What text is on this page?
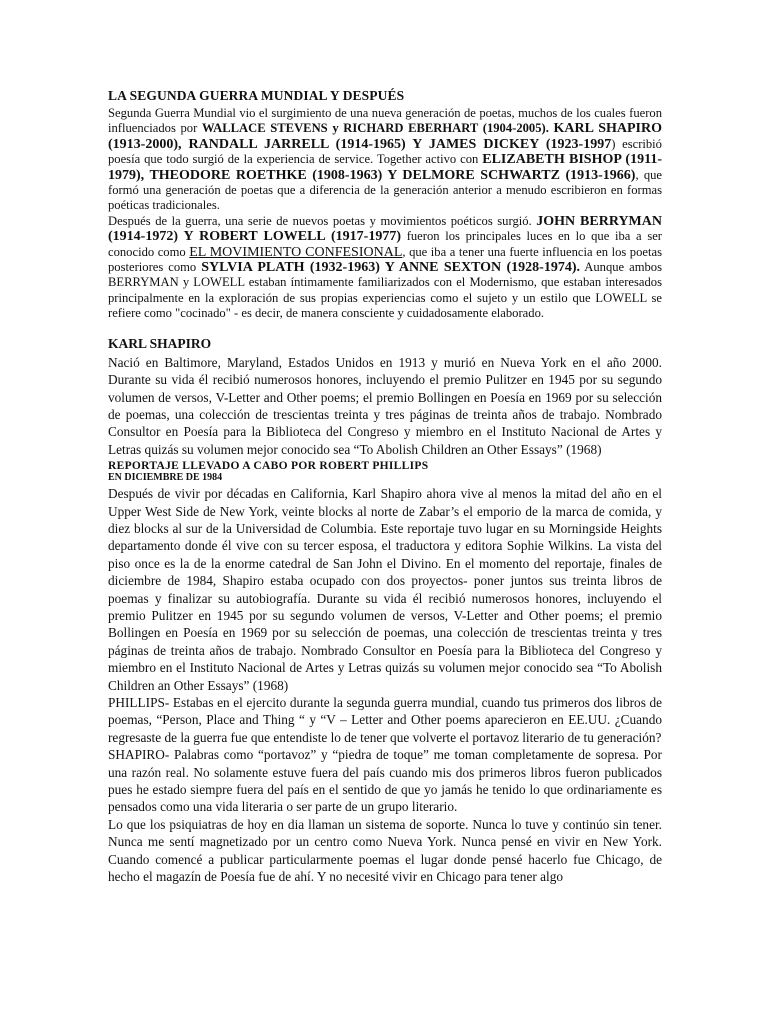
LA SEGUNDA GUERRA MUNDIAL Y DESPUÉS

Segunda Guerra Mundial vio el surgimiento de una nueva generación de poetas, muchos de los cuales fueron influenciados por WALLACE STEVENS y RICHARD EBERHART (1904-2005). KARL SHAPIRO (1913-2000), RANDALL JARRELL (1914-1965) Y JAMES DICKEY (1923-1997) escribió poesía que todo surgió de la experiencia de service. Together activo con ELIZABETH BISHOP (1911-1979), THEODORE ROETHKE (1908-1963) Y DELMORE SCHWARTZ (1913-1966), que formó una generación de poetas que a diferencia de la generación anterior a menudo escribieron en formas poéticas tradicionales.

Después de la guerra, una serie de nuevos poetas y movimientos poéticos surgió. JOHN BERRYMAN (1914-1972) Y ROBERT LOWELL (1917-1977) fueron los principales luces en lo que iba a ser conocido como EL MOVIMIENTO CONFESIONAL, que iba a tener una fuerte influencia en los poetas posteriores como SYLVIA PLATH (1932-1963) Y ANNE SEXTON (1928-1974). Aunque ambos BERRYMAN y LOWELL estaban íntimamente familiarizados con el Modernismo, que estaban interesados principalmente en la exploración de sus propias experiencias como el sujeto y un estilo que LOWELL se refiere como "cocinado" - es decir, de manera consciente y cuidadosamente elaborado.

KARL SHAPIRO

Nació en Baltimore, Maryland, Estados Unidos en 1913 y murió en Nueva York en el año 2000. Durante su vida él recibió numerosos honores, incluyendo el premio Pulitzer en 1945 por su segundo volumen de versos, V-Letter and Other poems; el premio Bollingen en Poesía en 1969 por su selección de poemas, una colección de trescientas treinta y tres páginas de treinta años de trabajo. Nombrado Consultor en Poesía para la Biblioteca del Congreso y miembro en el Instituto Nacional de Artes y Letras quizás su volumen mejor conocido sea “To Abolish Children an Other Essays” (1968)

REPORTAJE LLEVADO A CABO POR ROBERT PHILLIPS
EN DICIEMBRE DE 1984

Después de vivir por décadas en California, Karl Shapiro ahora vive al menos la mitad del año en el Upper West Side de New York, veinte blocks al norte de Zabar’s el emporio de la marca de comida, y diez blocks al sur de la Universidad de Columbia. Este reportaje tuvo lugar en su Morningside Heights departamento donde él vive con su tercer esposa, el traductora y editora Sophie Wilkins. La vista del piso once es la de la enorme catedral de San John el Divino. En el momento del reportaje, finales de diciembre de 1984, Shapiro estaba ocupado con dos proyectos- poner juntos sus treinta libros de poemas y finalizar su autobiografía. Durante su vida él recibió numerosos honores, incluyendo el premio Pulitzer en 1945 por su segundo volumen de versos, V-Letter and Other poems; el premio Bollingen en Poesía en 1969 por su selección de poemas, una colección de trescientas treinta y tres páginas de treinta años de trabajo. Nombrado Consultor en Poesía para la Biblioteca del Congreso y miembro en el Instituto Nacional de Artes y Letras quizás su volumen mejor conocido sea “To Abolish Children an Other Essays” (1968)

PHILLIPS- Estabas en el ejercito durante la segunda guerra mundial, cuando tus primeros dos libros de poemas, “Person, Place and Thing “ y “V – Letter and Other poems aparecieron en EE.UU. ¿Cuando regresaste de la guerra fue que entendiste lo de tener que volverte el portavoz literario de tu generación?

SHAPIRO- Palabras como “portavoz” y “piedra de toque” me toman completamente de sopresa. Por una razón real. No solamente estuve fuera del país cuando mis dos primeros libros fueron publicados pues he estado siempre fuera del país en el sentido de que yo jamás he tenido lo que ordinariamente es pensados como una vida literaria o ser parte de un grupo literario.

Lo que los psiquiatras de hoy en dia llaman un sistema de soporte. Nunca lo tuve y continúo sin tener. Nunca me sentí magnetizado por un centro como Nueva York. Nunca pensé en vivir en New York. Cuando comencé a publicar particularmente poemas el lugar donde pensé hacerlo fue Chicago, de hecho el magazín de Poesía fue de ahí. Y no necesité vivir en Chicago para tener algo
